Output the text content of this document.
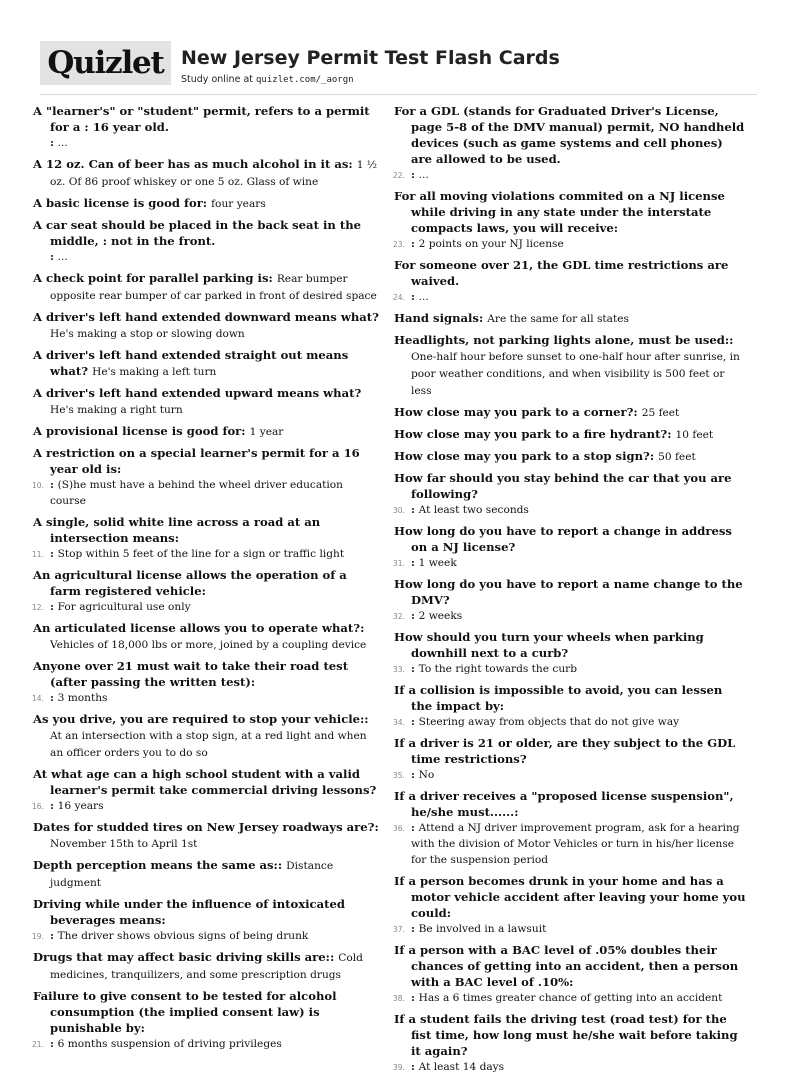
Quizlet New Jersey Permit Test Flash Cards
Study online at quizlet.com/_aorgn
A "learner's" or "student" permit, refers to a permit for a : 16 year old.
: ...
A 12 oz. Can of beer has as much alcohol in it as: 1 ½ oz. Of 86 proof whiskey or one 5 oz. Glass of wine
A basic license is good for: four years
A car seat should be placed in the back seat in the middle, : not in the front.
: ...
A check point for parallel parking is: Rear bumper opposite rear bumper of car parked in front of desired space
A driver's left hand extended downward means what? He's making a stop or slowing down
A driver's left hand extended straight out means what? He's making a left turn
A driver's left hand extended upward means what? He's making a right turn
A provisional license is good for: 1 year
A restriction on a special learner's permit for a 16 year old is:
10. : (S)he must have a behind the wheel driver education course
A single, solid white line across a road at an intersection means:
11. : Stop within 5 feet of the line for a sign or traffic light
An agricultural license allows the operation of a farm registered vehicle:
12. : For agricultural use only
An articulated license allows you to operate what?: Vehicles of 18,000 lbs or more, joined by a coupling device
Anyone over 21 must wait to take their road test (after passing the written test):
14. : 3 months
As you drive, you are required to stop your vehicle:: At an intersection with a stop sign, at a red light and when an officer orders you to do so
At what age can a high school student with a valid learner's permit take commercial driving lessons?
16. : 16 years
Dates for studded tires on New Jersey roadways are?: November 15th to April 1st
Depth perception means the same as:: Distance judgment
Driving while under the influence of intoxicated beverages means:
19. : The driver shows obvious signs of being drunk
Drugs that may affect basic driving skills are:: Cold medicines, tranquilizers, and some prescription drugs
Failure to give consent to be tested for alcohol consumption (the implied consent law) is punishable by:
21. : 6 months suspension of driving privileges
For a GDL (stands for Graduated Driver's License, page 5-8 of the DMV manual) permit, NO handheld devices (such as game systems and cell phones) are allowed to be used.
22. : ...
For all moving violations commited on a NJ license while driving in any state under the interstate compacts laws, you will receive:
23. : 2 points on your NJ license
For someone over 21, the GDL time restrictions are waived.
24. : ...
Hand signals: Are the same for all states
Headlights, not parking lights alone, must be used:: One-half hour before sunset to one-half hour after sunrise, in poor weather conditions, and when visibility is 500 feet or less
How close may you park to a corner?: 25 feet
How close may you park to a fire hydrant?: 10 feet
How close may you park to a stop sign?: 50 feet
How far should you stay behind the car that you are following?
30. : At least two seconds
How long do you have to report a change in address on a NJ license?
31. : 1 week
How long do you have to report a name change to the DMV?
32. : 2 weeks
How should you turn your wheels when parking downhill next to a curb?
33. : To the right towards the curb
If a collision is impossible to avoid, you can lessen the impact by:
34. : Steering away from objects that do not give way
If a driver is 21 or older, are they subject to the GDL time restrictions?
35. : No
If a driver receives a "proposed license suspension", he/she must......:
36. : Attend a NJ driver improvement program, ask for a hearing with the division of Motor Vehicles or turn in his/her license for the suspension period
If a person becomes drunk in your home and has a motor vehicle accident after leaving your home you could:
37. : Be involved in a lawsuit
If a person with a BAC level of .05% doubles their chances of getting into an accident, then a person with a BAC level of .10%:
38. : Has a 6 times greater chance of getting into an accident
If a student fails the driving test (road test) for the fist time, how long must he/she wait before taking it again?
39. : At least 14 days
